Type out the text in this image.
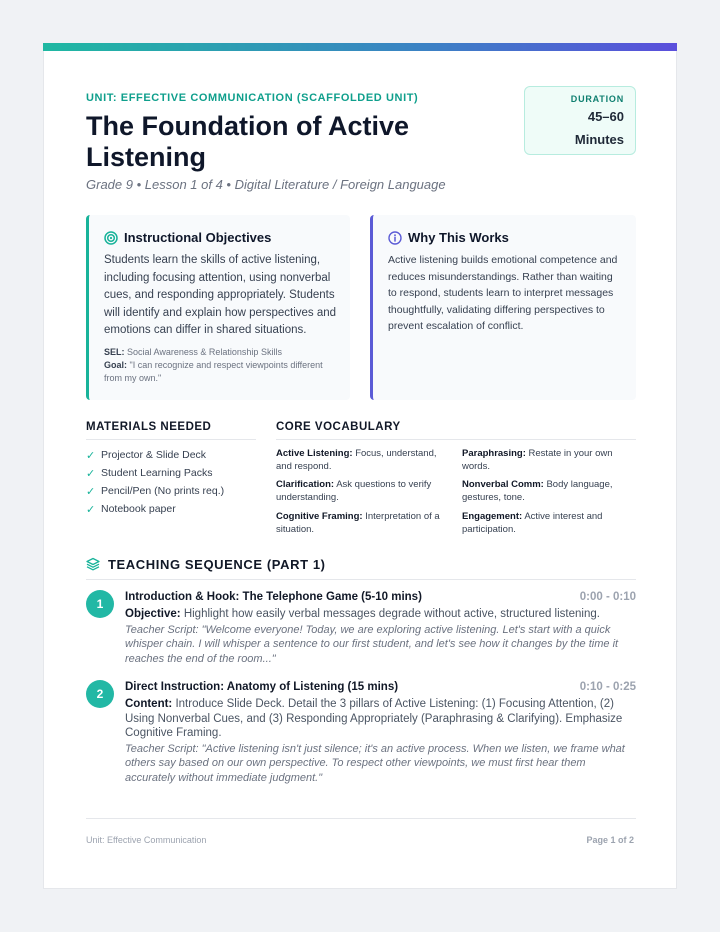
UNIT: EFFECTIVE COMMUNICATION (SCAFFOLDED UNIT)
The Foundation of Active Listening
Grade 9 • Lesson 1 of 4 • Digital Literature / Foreign Language
DURATION
45–60
Minutes
Instructional Objectives
Students learn the skills of active listening, including focusing attention, using nonverbal cues, and responding appropriately. Students will identify and explain how perspectives and emotions can differ in shared situations.
SEL: Social Awareness & Relationship Skills
Goal: "I can recognize and respect viewpoints different from my own."
Why This Works
Active listening builds emotional competence and reduces misunderstandings. Rather than waiting to respond, students learn to interpret messages thoughtfully, validating differing perspectives to prevent escalation of conflict.
MATERIALS NEEDED
✓ Projector & Slide Deck
✓ Student Learning Packs
✓ Pencil/Pen (No prints req.)
✓ Notebook paper
CORE VOCABULARY
Active Listening: Focus, understand, and respond.
Paraphrasing: Restate in your own words.
Clarification: Ask questions to verify understanding.
Nonverbal Comm: Body language, gestures, tone.
Cognitive Framing: Interpretation of a situation.
Engagement: Active interest and participation.
TEACHING SEQUENCE (PART 1)
1	Introduction & Hook: The Telephone Game (5-10 mins)	0:00 - 0:10
Objective: Highlight how easily verbal messages degrade without active, structured listening.
Teacher Script: "Welcome everyone! Today, we are exploring active listening. Let's start with a quick whisper chain. I will whisper a sentence to our first student, and let's see how it changes by the time it reaches the end of the room..."
2	Direct Instruction: Anatomy of Listening (15 mins)	0:10 - 0:25
Content: Introduce Slide Deck. Detail the 3 pillars of Active Listening: (1) Focusing Attention, (2) Using Nonverbal Cues, and (3) Responding Appropriately (Paraphrasing & Clarifying). Emphasize Cognitive Framing.
Teacher Script: "Active listening isn't just silence; it's an active process. When we listen, we frame what others say based on our own perspective. To respect other viewpoints, we must first hear them accurately without immediate judgment."
Unit: Effective Communication	Page 1 of 2
